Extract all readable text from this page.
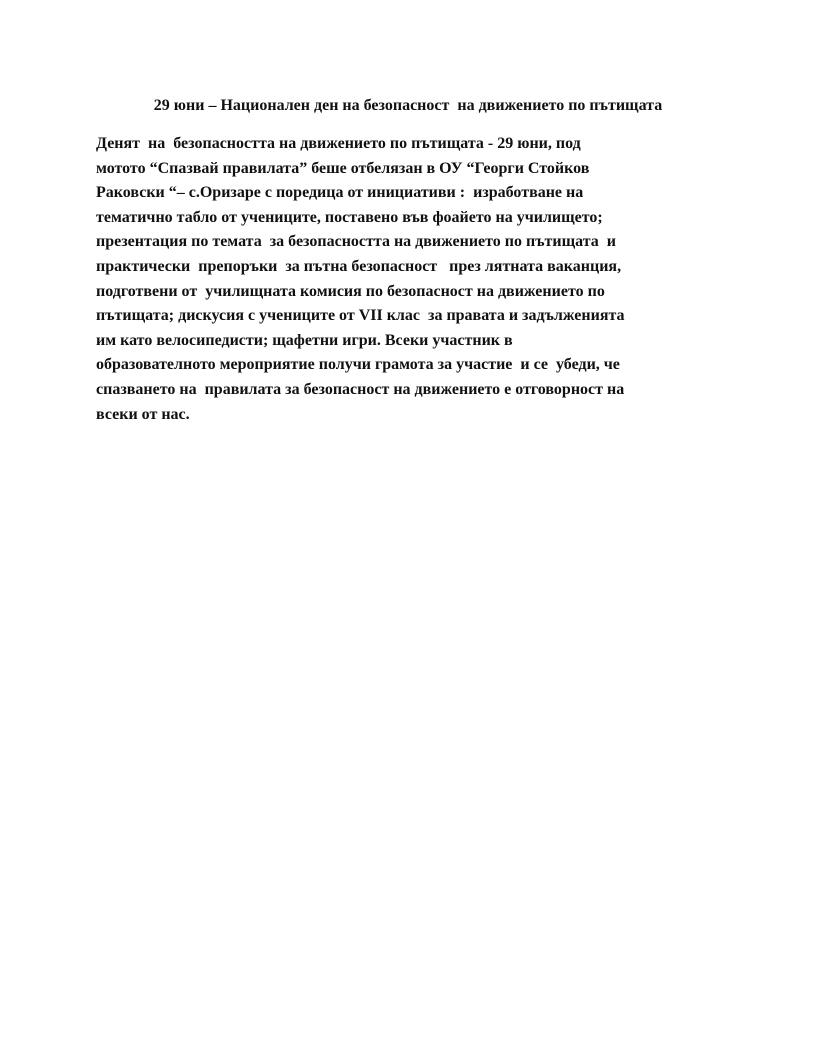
29 юни – Национален ден на безопасност  на движението по пътищата
Денят  на  безопасността на движението по пътищата - 29 юни, под
мотото “Спазвай правилата” беше отбелязан в ОУ “Георги Стойков
Раковски “– с.Оризаре с поредица от инициативи :  изработване на
тематично табло от учениците, поставено във фоайето на училището;
презентация по темата  за безопасността на движението по пътищата  и
практически  препоръки  за пътна безопасност   през лятната ваканция,
подготвени от  училищната комисия по безопасност на движението по
пътищата; дискусия с учениците от VII клас  за правата и задълженията
им като велосипедисти; щафетни игри. Всеки участник в
образователното мероприятие получи грамота за участие  и се  убеди, че
спазването на  правилата за безопасност на движението е отговорност на
всеки от нас.
